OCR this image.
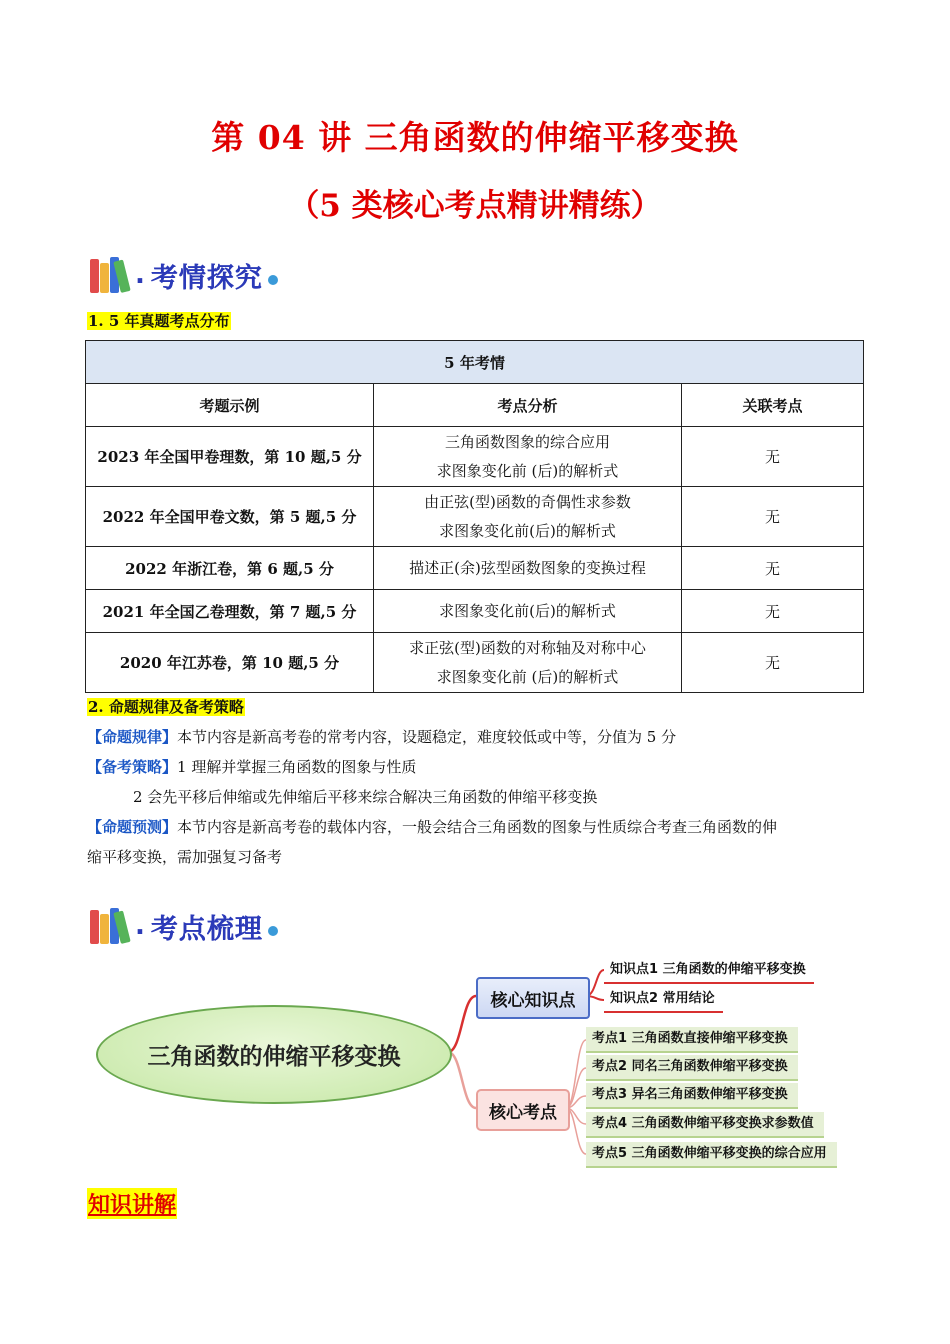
第 04 讲 三角函数的伸缩平移变换
（5 类核心考点精讲精练）
. 考情探究
1. 5 年真题考点分布
5 年考情		
考题示例	考点分析	关联考点
2023 年全国甲卷理数，第 10 题,5 分	三角函数图象的综合应用
求图象变化前 (后)的解析式	无
2022 年全国甲卷文数，第 5 题,5 分	由正弦(型)函数的奇偶性求参数
求图象变化前(后)的解析式	无
2022 年浙江卷，第 6 题,5 分	描述正(余)弦型函数图象的变换过程	无
2021 年全国乙卷理数，第 7 题,5 分	求图象变化前(后)的解析式	无
2020 年江苏卷，第 10 题,5 分	求正弦(型)函数的对称轴及对称中心
求图象变化前 (后)的解析式	无
2. 命题规律及备考策略
【命题规律】本节内容是新高考卷的常考内容，设题稳定，难度较低或中等，分值为 5 分
【备考策略】1 理解并掌握三角函数的图象与性质
2 会先平移后伸缩或先伸缩后平移来综合解决三角函数的伸缩平移变换
【命题预测】本节内容是新高考卷的载体内容，一般会结合三角函数的图象与性质综合考查三角函数的伸
缩平移变换，需加强复习备考
. 考点梳理
三角函数的伸缩平移变换
核心知识点
核心考点
知识点1 三角函数的伸缩平移变换
知识点2 常用结论
考点1 三角函数直接伸缩平移变换
考点2 同名三角函数伸缩平移变换
考点3 异名三角函数伸缩平移变换
考点4 三角函数伸缩平移变换求参数值
考点5 三角函数伸缩平移变换的综合应用
知识讲解
